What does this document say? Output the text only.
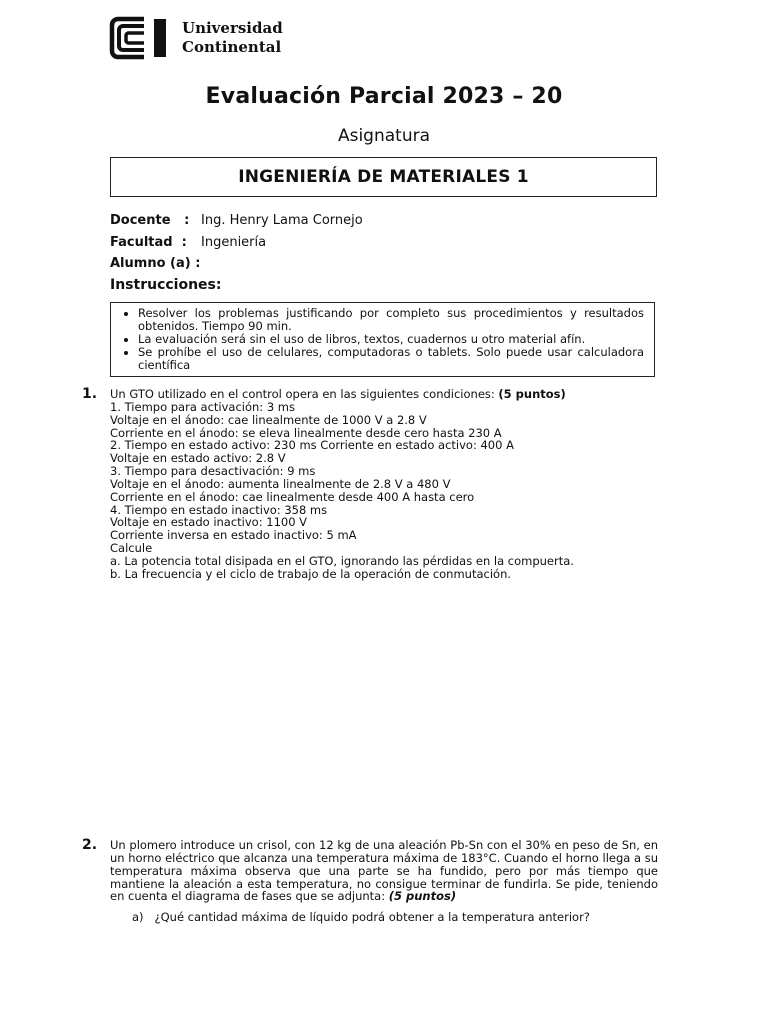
Universidad
Continental
Evaluación Parcial 2023 – 20
Asignatura
INGENIERÍA DE MATERIALES 1
Docente   : Ing. Henry Lama Cornejo
Facultad  : Ingeniería
Alumno (a) :
Instrucciones:
• Resolver los problemas justificando por completo sus procedimientos y resultados obtenidos. Tiempo 90 min.
• La evaluación será sin el uso de libros, textos, cuadernos u otro material afín.
• Se prohíbe el uso de celulares, computadoras o tablets. Solo puede usar calculadora científica
1. Un GTO utilizado en el control opera en las siguientes condiciones: (5 puntos)
1. Tiempo para activación: 3 ms
Voltaje en el ánodo: cae linealmente de 1000 V a 2.8 V
Corriente en el ánodo: se eleva linealmente desde cero hasta 230 A
2. Tiempo en estado activo: 230 ms Corriente en estado activo: 400 A
Voltaje en estado activo: 2.8 V
3. Tiempo para desactivación: 9 ms
Voltaje en el ánodo: aumenta linealmente de 2.8 V a 480 V
Corriente en el ánodo: cae linealmente desde 400 A hasta cero
4. Tiempo en estado inactivo: 358 ms
Voltaje en estado inactivo: 1100 V
Corriente inversa en estado inactivo: 5 mA
Calcule
a. La potencia total disipada en el GTO, ignorando las pérdidas en la compuerta.
b. La frecuencia y el ciclo de trabajo de la operación de conmutación.
2. Un plomero introduce un crisol, con 12 kg de una aleación Pb-Sn con el 30% en peso de Sn, en un horno eléctrico que alcanza una temperatura máxima de 183°C. Cuando el horno llega a su temperatura máxima observa que una parte se ha fundido, pero por más tiempo que mantiene la aleación a esta temperatura, no consigue terminar de fundirla. Se pide, teniendo en cuenta el diagrama de fases que se adjunta: (5 puntos)
a)   ¿Qué cantidad máxima de líquido podrá obtener a la temperatura anterior?
